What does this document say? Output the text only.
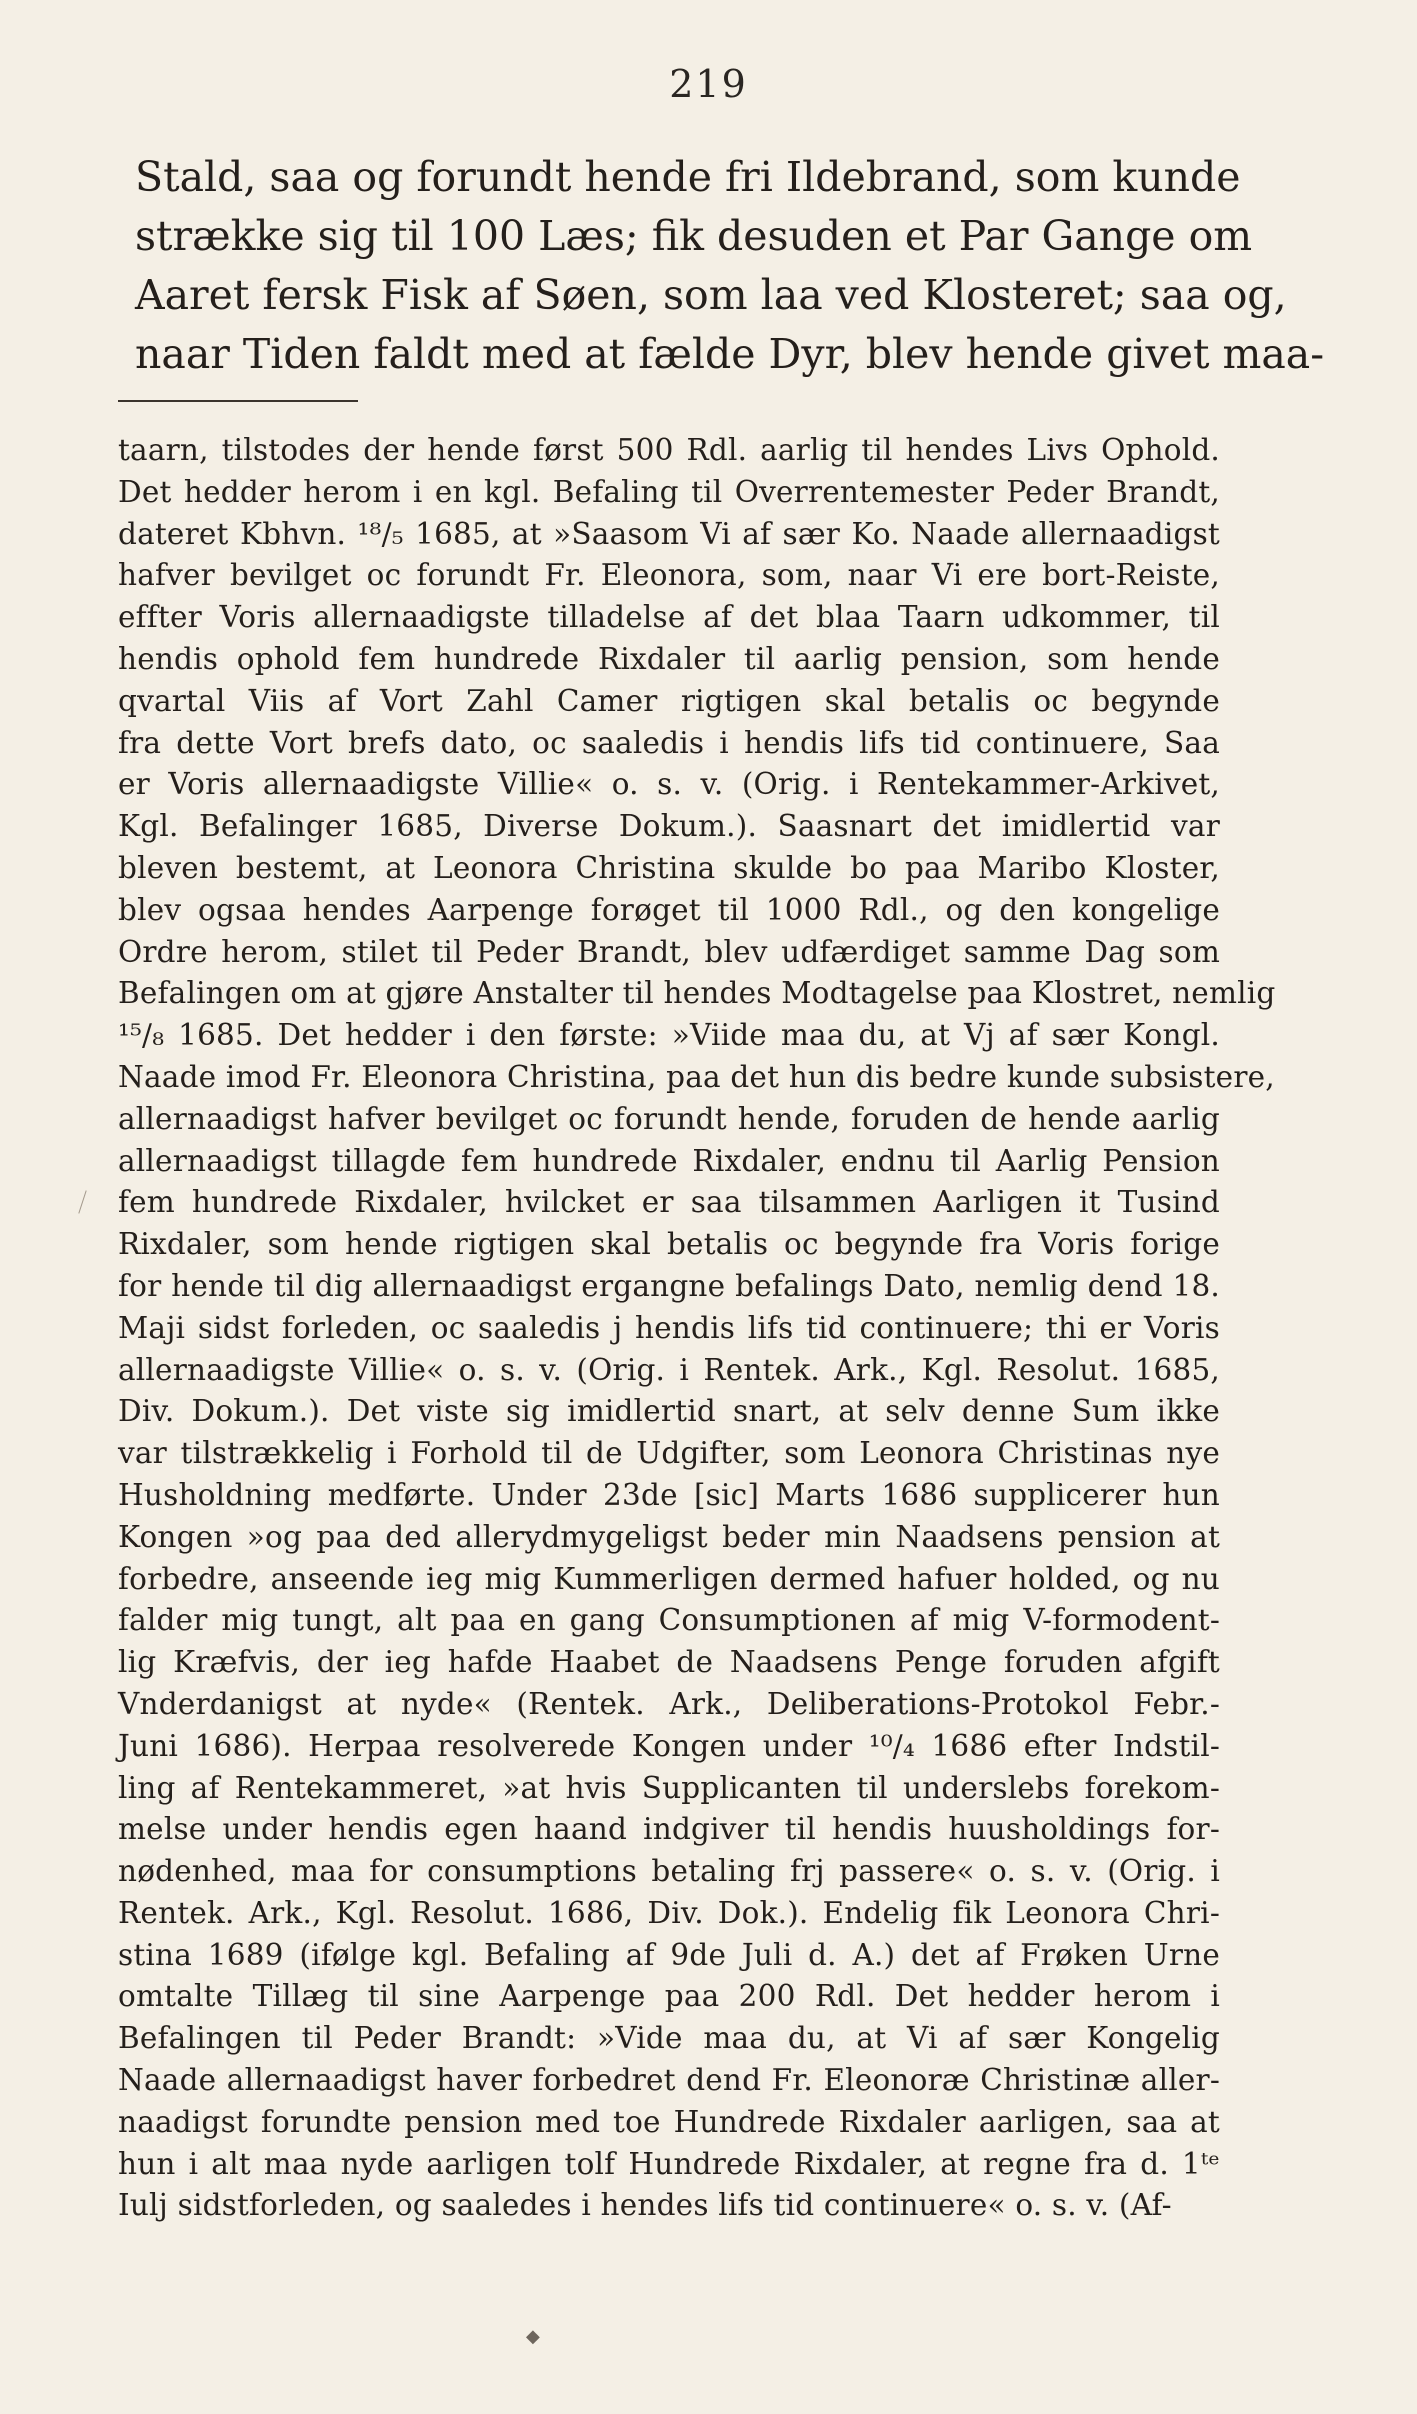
219

Stald, saa og forundt hende fri Ildebrand, som kunde
strække sig til 100 Læs; fik desuden et Par Gange om
Aaret fersk Fisk af Søen, som laa ved Klosteret; saa og,
naar Tiden faldt med at fælde Dyr, blev hende givet maa-

taarn, tilstodes der hende først 500 Rdl. aarlig til hendes Livs Ophold.
Det hedder herom i en kgl. Befaling til Overrentemester Peder Brandt,
dateret Kbhvn. ¹⁸/₅ 1685, at »Saasom Vi af sær Ko. Naade allernaadigst
hafver bevilget oc forundt Fr. Eleonora, som, naar Vi ere bort-Reiste,
effter Voris allernaadigste tilladelse af det blaa Taarn udkommer, til
hendis ophold fem hundrede Rixdaler til aarlig pension, som hende
qvartal Viis af Vort Zahl Camer rigtigen skal betalis oc begynde
fra dette Vort brefs dato, oc saaledis i hendis lifs tid continuere, Saa
er Voris allernaadigste Villie« o. s. v. (Orig. i Rentekammer-Arkivet,
Kgl. Befalinger 1685, Diverse Dokum.). Saasnart det imidlertid var
bleven bestemt, at Leonora Christina skulde bo paa Maribo Kloster,
blev ogsaa hendes Aarpenge forøget til 1000 Rdl., og den kongelige
Ordre herom, stilet til Peder Brandt, blev udfærdiget samme Dag som
Befalingen om at gjøre Anstalter til hendes Modtagelse paa Klostret, nemlig
¹⁵/₈ 1685. Det hedder i den første: »Viide maa du, at Vj af sær Kongl.
Naade imod Fr. Eleonora Christina, paa det hun dis bedre kunde subsistere,
allernaadigst hafver bevilget oc forundt hende, foruden de hende aarlig
allernaadigst tillagde fem hundrede Rixdaler, endnu til Aarlig Pension
fem hundrede Rixdaler, hvilcket er saa tilsammen Aarligen it Tusind
Rixdaler, som hende rigtigen skal betalis oc begynde fra Voris forige
for hende til dig allernaadigst ergangne befalings Dato, nemlig dend 18.
Maji sidst forleden, oc saaledis j hendis lifs tid continuere; thi er Voris
allernaadigste Villie« o. s. v. (Orig. i Rentek. Ark., Kgl. Resolut. 1685,
Div. Dokum.). Det viste sig imidlertid snart, at selv denne Sum ikke
var tilstrækkelig i Forhold til de Udgifter, som Leonora Christinas nye
Husholdning medførte. Under 23de [sic] Marts 1686 supplicerer hun
Kongen »og paa ded allerydmygeligst beder min Naadsens pension at
forbedre, anseende ieg mig Kummerligen dermed hafuer holded, og nu
falder mig tungt, alt paa en gang Consumptionen af mig V-formodent-
lig Kræfvis, der ieg hafde Haabet de Naadsens Penge foruden afgift
Vnderdanigst at nyde« (Rentek. Ark., Deliberations-Protokol Febr.-
Juni 1686). Herpaa resolverede Kongen under ¹⁰/₄ 1686 efter Indstil-
ling af Rentekammeret, »at hvis Supplicanten til underslebs forekom-
melse under hendis egen haand indgiver til hendis huusholdings for-
nødenhed, maa for consumptions betaling frj passere« o. s. v. (Orig. i
Rentek. Ark., Kgl. Resolut. 1686, Div. Dok.). Endelig fik Leonora Chri-
stina 1689 (ifølge kgl. Befaling af 9de Juli d. A.) det af Frøken Urne
omtalte Tillæg til sine Aarpenge paa 200 Rdl. Det hedder herom i
Befalingen til Peder Brandt: »Vide maa du, at Vi af sær Kongelig
Naade allernaadigst haver forbedret dend Fr. Eleonoræ Christinæ aller-
naadigst forundte pension med toe Hundrede Rixdaler aarligen, saa at
hun i alt maa nyde aarligen tolf Hundrede Rixdaler, at regne fra d. 1ᵗᵉ
Iulj sidstforleden, og saaledes i hendes lifs tid continuere« o. s. v. (Af-

◆
